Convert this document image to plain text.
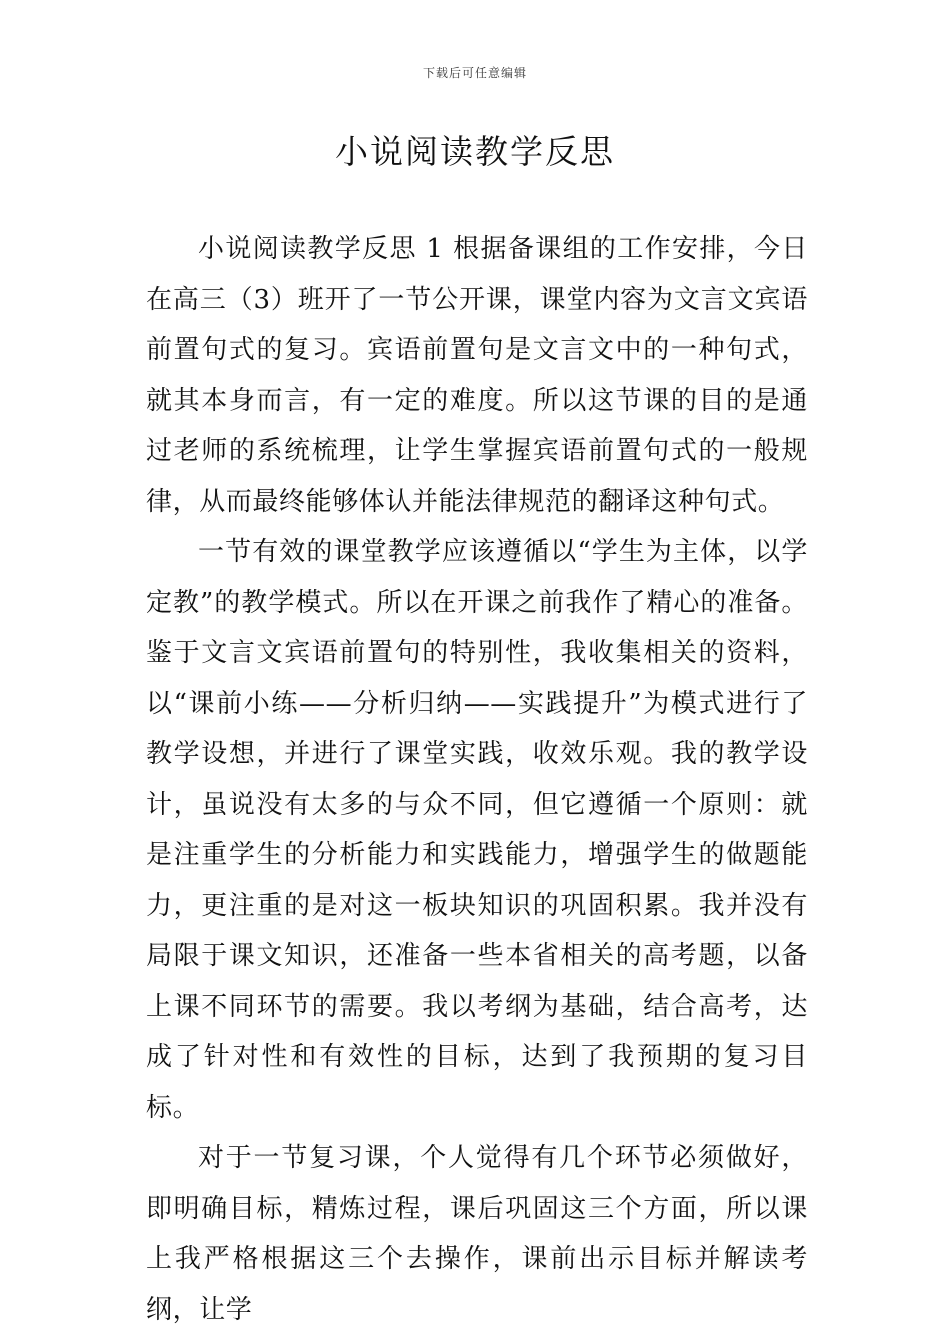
下载后可任意编辑
小说阅读教学反思

小说阅读教学反思 1 根据备课组的工作安排，今日在高三（3）班开了一节公开课，课堂内容为文言文宾语前置句式的复习。宾语前置句是文言文中的一种句式，就其本身而言，有一定的难度。所以这节课的目的是通过老师的系统梳理，让学生掌握宾语前置句式的一般规律，从而最终能够体认并能法律规范的翻译这种句式。

一节有效的课堂教学应该遵循以“学生为主体，以学定教”的教学模式。所以在开课之前我作了精心的准备。鉴于文言文宾语前置句的特别性，我收集相关的资料，以“课前小练——分析归纳——实践提升”为模式进行了教学设想，并进行了课堂实践，收效乐观。我的教学设计，虽说没有太多的与众不同，但它遵循一个原则：就是注重学生的分析能力和实践能力，增强学生的做题能力，更注重的是对这一板块知识的巩固积累。我并没有局限于课文知识，还准备一些本省相关的高考题，以备上课不同环节的需要。我以考纲为基础，结合高考，达成了针对性和有效性的目标，达到了我预期的复习目标。

对于一节复习课，个人觉得有几个环节必须做好，即明确目标，精炼过程，课后巩固这三个方面，所以课上我严格根据这三个去操作，课前出示目标并解读考纲，让学
